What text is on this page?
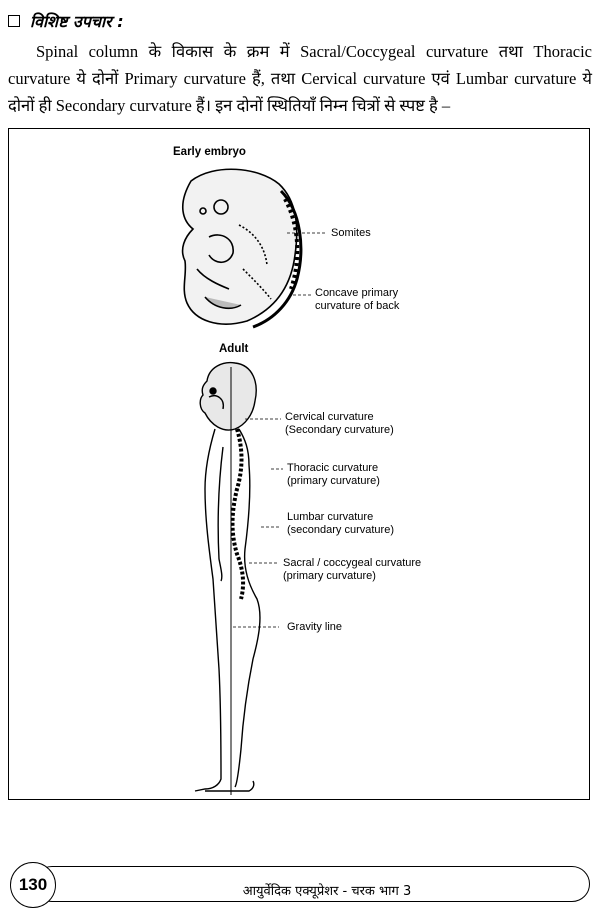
विशिष्ट उपचार :
Spinal column के विकास के क्रम में Sacral/Coccygeal curvature तथा Thoracic curvature ये दोनों Primary curvature हैं, तथा Cervical curvature एवं Lumbar curvature ये दोनों ही Secondary curvature हैं। इन दोनों स्थितियाँ निम्न चित्रों से स्पष्ट है –
Early embryo
Somites
Concave primary
curvature of back
Adult
Cervical curvature
(Secondary curvature)
Thoracic curvature
(primary curvature)
Lumbar curvature
(secondary curvature)
Sacral / coccygeal curvature
(primary curvature)
Gravity line
130	आयुर्वेदिक एक्यूप्रेशर - चरक भाग 3
